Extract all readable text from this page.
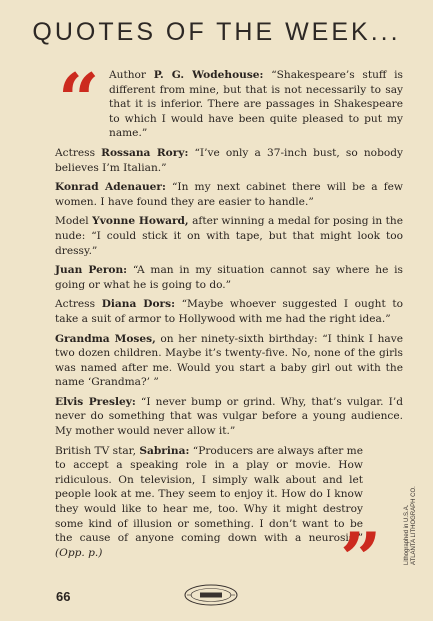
QUOTES OF THE WEEK...
“ Author P. G. Wodehouse: “Shakespeare’s stuff is different from mine, but that is not necessarily to say that it is inferior. There are passages in Shakespeare to which I would have been quite pleased to put my name.”

Actress Rossana Rory: “I’ve only a 37-inch bust, so nobody believes I’m Italian.”

Konrad Adenauer: “In my next cabinet there will be a few women. I have found they are easier to handle.”

Model Yvonne Howard, after winning a medal for posing in the nude: “I could stick it on with tape, but that might look too dressy.”

Juan Peron: “A man in my situation cannot say where he is going or what he is going to do.”

Actress Diana Dors: “Maybe whoever suggested I ought to take a suit of armor to Hollywood with me had the right idea.”

Grandma Moses, on her ninety-sixth birthday: “I think I have two dozen children. Maybe it’s twenty-five. No, none of the girls was named after me. Would you start a baby girl out with the name ‘Grandma?’ ”

Elvis Presley: “I never bump or grind. Why, that’s vulgar. I’d never do something that was vulgar before a young audience. My mother would never allow it.”

British TV star, Sabrina: “Producers are always after me to accept a speaking role in a play or movie. How ridiculous. On television, I simply walk about and let people look at me. They seem to enjoy it. How do I know they would like to hear me, too. Why it might destroy some kind of illusion or something. I don’t want to be the cause of anyone coming down with a neurosis.” (Opp. p.)	”
66
Lithographed in U.S.A. ATLANTA LITHOGRAPH CO.
